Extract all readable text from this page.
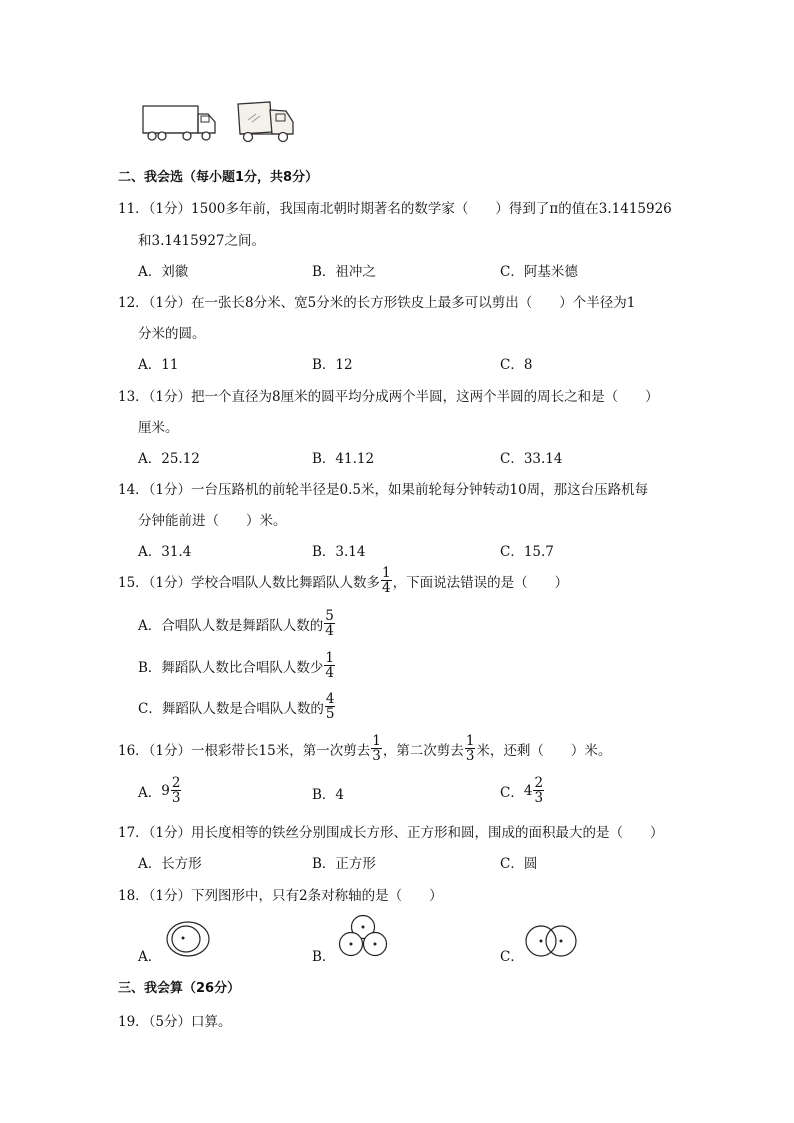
二、我会选（每小题1分，共8分）
11．（1分）1500多年前，我国南北朝时期著名的数学家（　　）得到了π的值在3.1415926
和3.1415927之间。
A．刘徽	B．祖冲之	C．阿基米德
12．（1分）在一张长8分米、宽5分米的长方形铁皮上最多可以剪出（　　）个半径为1
分米的圆。
A．11	B．12	C．8
13．（1分）把一个直径为8厘米的圆平均分成两个半圆，这两个半圆的周长之和是（　　）
厘米。
A．25.12	B．41.12	C．33.14
14．（1分）一台压路机的前轮半径是0.5米，如果前轮每分钟转动10周，那这台压路机每
分钟能前进（　　）米。
A．31.4	B．3.14	C．15.7
15．（1分） 学校合唱队人数比舞蹈队人数多 $\frac{1}{4}$ ，下面说法错误的是（　　）
A．合唱队人数是舞蹈队人数的 $\frac{5}{4}$
B．舞蹈队人数比合唱队人数少 $\frac{1}{4}$
C．舞蹈队人数是合唱队人数的 $\frac{4}{5}$
16．（1分） 一根彩带长15米，第一次剪去 $\frac{1}{3}$ ，第二次剪去 $\frac{1}{3}$ 米，还剩（　　）米。
A． $9 \frac{2}{3}$	B．4	C． $4 \frac{2}{3}$
17．（1分）用长度相等的铁丝分别围成长方形、正方形和圆，围成的面积最大的是（　　）
A．长方形	B．正方形	C．圆
18．（1分）下列图形中，只有2条对称轴的是（　　）
A．	B．	C．
三、我会算（26分）
19．（5分）口算。
